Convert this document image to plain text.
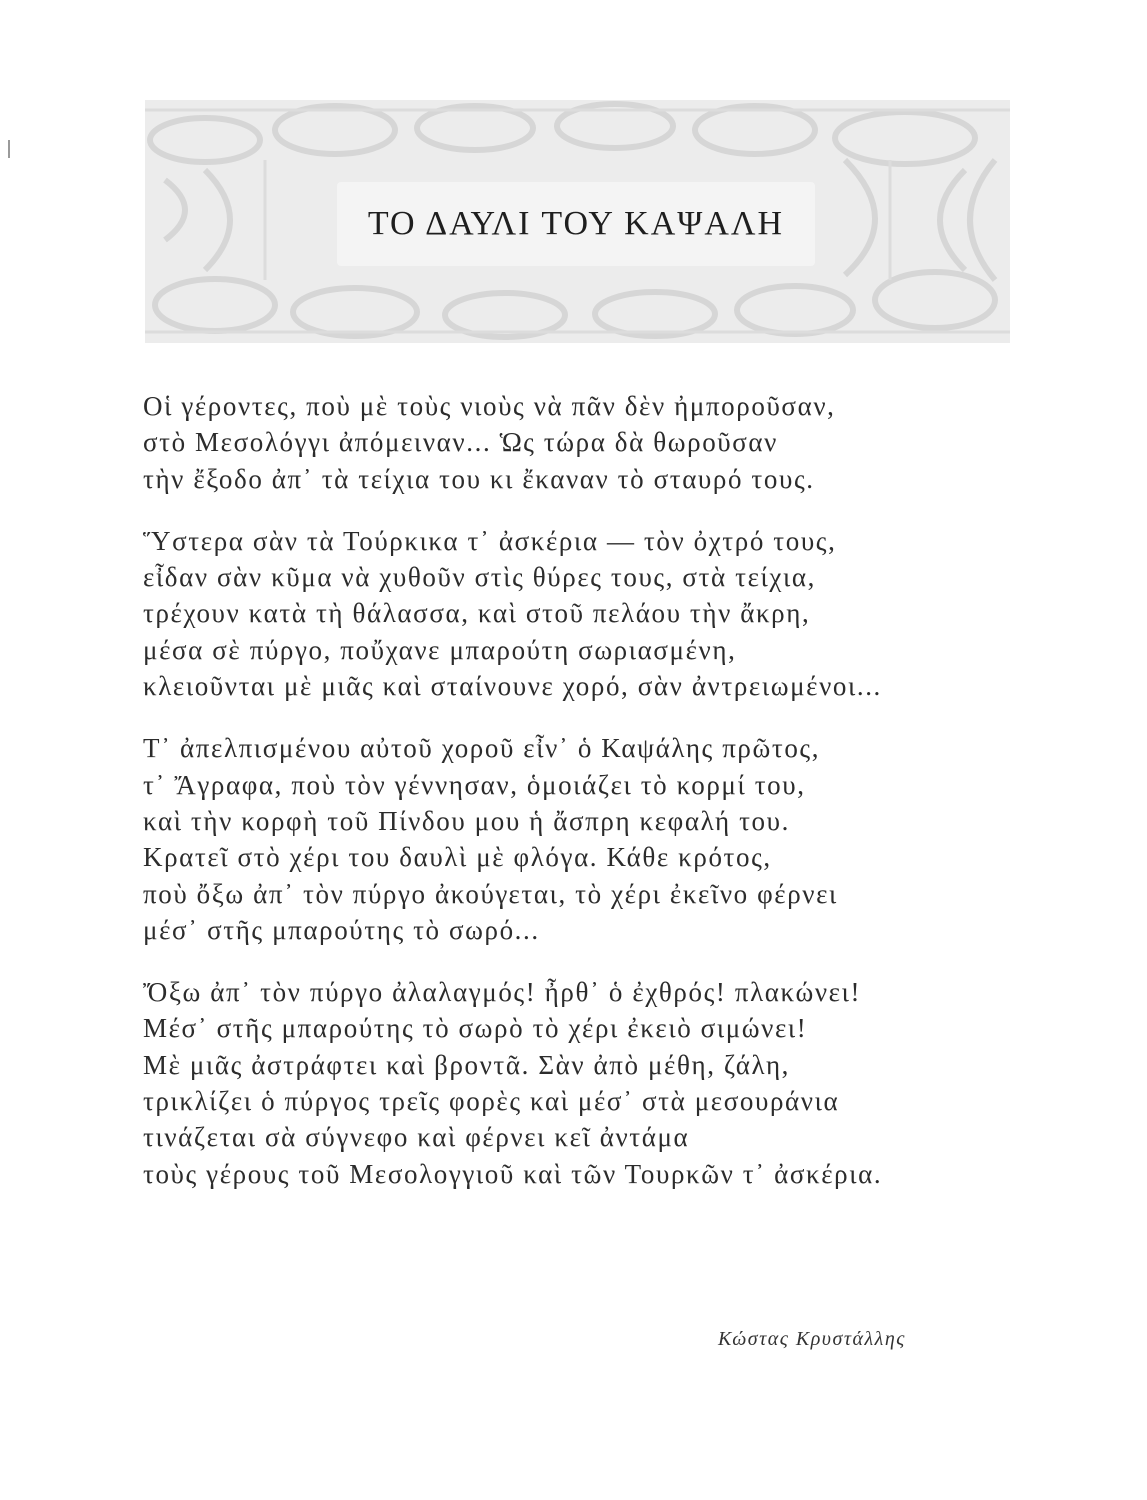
ΤΟ ΔΑΥΛΙ ΤΟΥ ΚΑΨΑΛΗ
Οἱ γέροντες, ποὺ μὲ τοὺς νιοὺς νὰ πᾶν δὲν ἠμποροῦσαν,
στὸ Μεσολόγγι ἀπόμειναν... Ὡς τώρα δὰ θωροῦσαν
τὴν ἔξοδο ἀπ᾽ τὰ τείχια του κι ἔκαναν τὸ σταυρό τους.
Ὕστερα σὰν τὰ Τούρκικα τ᾽ ἀσκέρια — τὸν ὀχτρό τους,
εἶδαν σὰν κῦμα νὰ χυθοῦν στὶς θύρες τους, στὰ τείχια,
τρέχουν κατὰ τὴ θάλασσα, καὶ στοῦ πελάου τὴν ἄκρη,
μέσα σὲ πύργο, ποὔχανε μπαρούτη σωριασμένη,
κλειοῦνται μὲ μιᾶς καὶ σταίνουνε χορό, σὰν ἀντρειωμένοι...
Τ᾽ ἀπελπισμένου αὐτοῦ χοροῦ εἶν᾽ ὁ Καψάλης πρῶτος,
τ᾽ Ἄγραφα, ποὺ τὸν γέννησαν, ὁμοιάζει τὸ κορμί του,
καὶ τὴν κορφὴ τοῦ Πίνδου μου ἡ ἄσπρη κεφαλή του.
Κρατεῖ στὸ χέρι του δαυλὶ μὲ φλόγα. Κάθε κρότος,
ποὺ ὄξω ἀπ᾽ τὸν πύργο ἀκούγεται, τὸ χέρι ἐκεῖνο φέρνει
μέσ᾽ στῆς μπαρούτης τὸ σωρό...
Ὄξω ἀπ᾽ τὸν πύργο ἀλαλαγμός! ἦρθ᾽ ὁ ἐχθρός! πλακώνει!
Μέσ᾽ στῆς μπαρούτης τὸ σωρὸ τὸ χέρι ἐκειὸ σιμώνει!
Μὲ μιᾶς ἀστράφτει καὶ βροντᾶ. Σὰν ἀπὸ μέθη, ζάλη,
τρικλίζει ὁ πύργος τρεῖς φορὲς καὶ μέσ᾽ στὰ μεσουράνια
τινάζεται σὰ σύγνεφο καὶ φέρνει κεῖ ἀντάμα
τοὺς γέρους τοῦ Μεσολογγιοῦ καὶ τῶν Τουρκῶν τ᾽ ἀσκέρια.
Κώστας Κρυστάλλης
